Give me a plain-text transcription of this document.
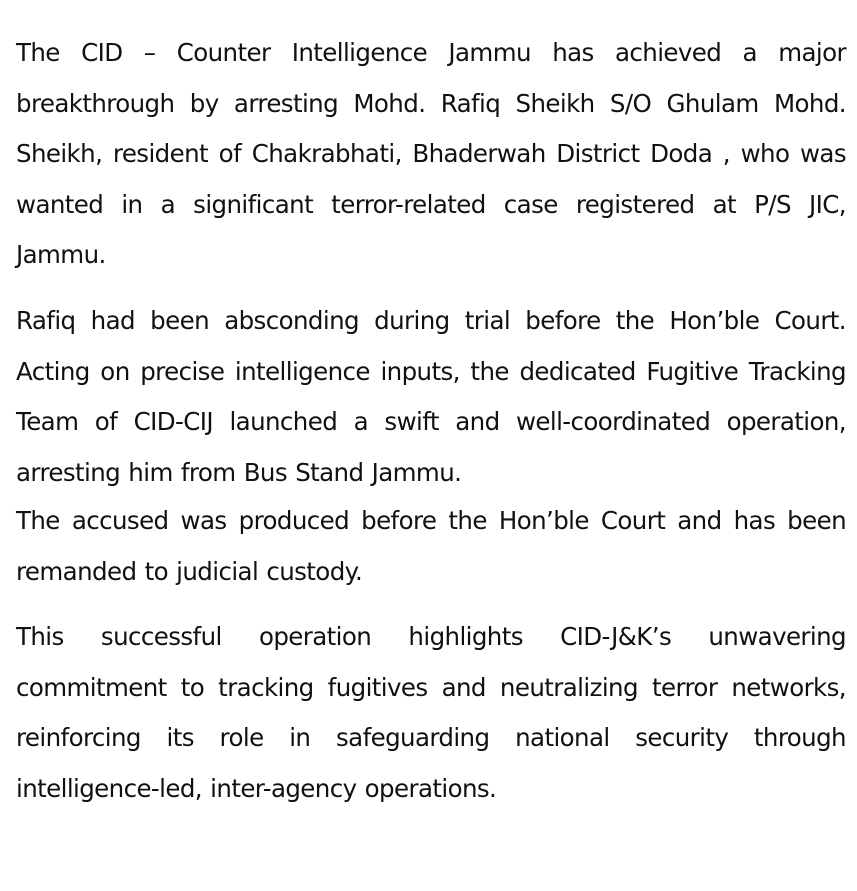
The CID – Counter Intelligence Jammu has achieved a major breakthrough by arresting Mohd. Rafiq Sheikh S/O Ghulam Mohd. Sheikh, resident of Chakrabhati, Bhaderwah District Doda , who was wanted in a significant terror-related case registered at P/S JIC, Jammu.

Rafiq had been absconding during trial before the Hon’ble Court. Acting on precise intelligence inputs, the dedicated Fugitive Tracking Team of CID-CIJ launched a swift and well-coordinated operation, arresting him from Bus Stand Jammu.

The accused was produced before the Hon’ble Court and has been remanded to judicial custody.

This successful operation highlights CID-J&K’s unwavering commitment to tracking fugitives and neutralizing terror networks, reinforcing its role in safeguarding national security through intelligence-led, inter-agency operations.
